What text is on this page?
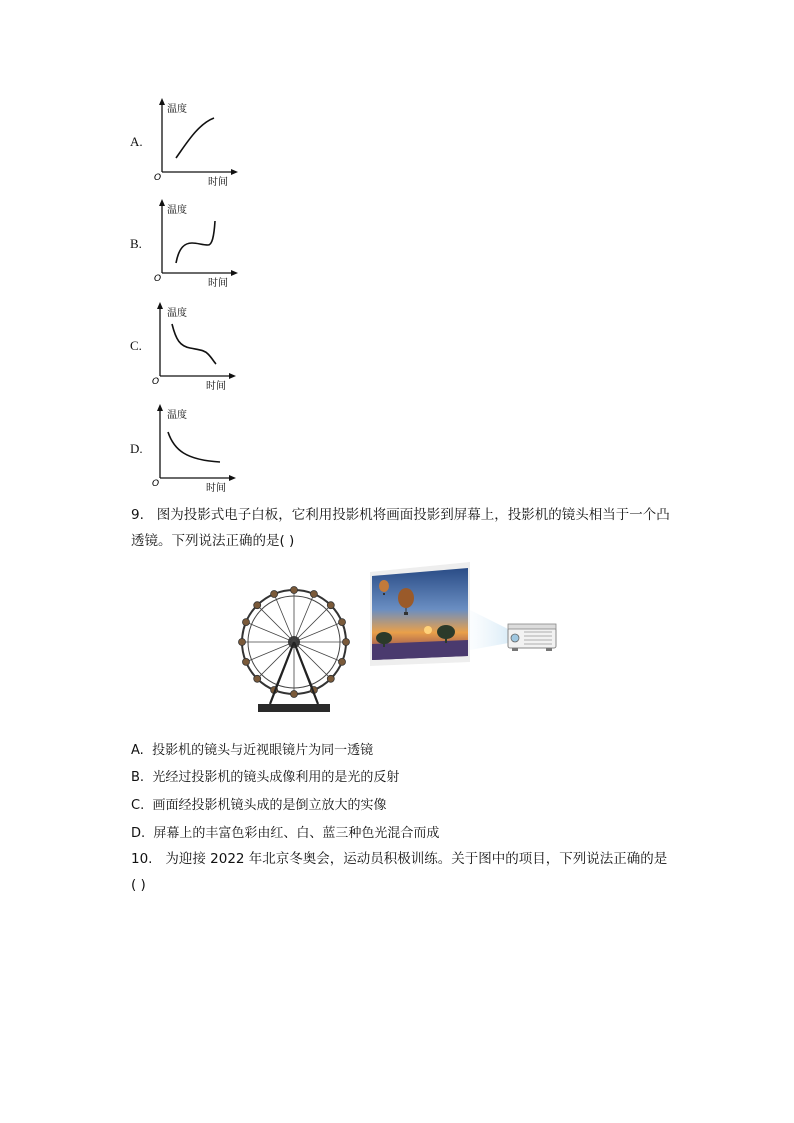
A.
温度
时间
O
B.
温度
时间
O
C.
温度
时间
O
D.
温度
时间
O
9. 图为投影式电子白板，它利用投影机将画面投影到屏幕上，投影机的镜头相当于一个凸
透镜。下列说法正确的是( )
A. 投影机的镜头与近视眼镜片为同一透镜
B. 光经过投影机的镜头成像利用的是光的反射
C. 画面经投影机镜头成的是倒立放大的实像
D. 屏幕上的丰富色彩由红、白、蓝三种色光混合而成
10. 为迎接 2022 年北京冬奥会，运动员积极训练。关于图中的项目，下列说法正确的是
( )
